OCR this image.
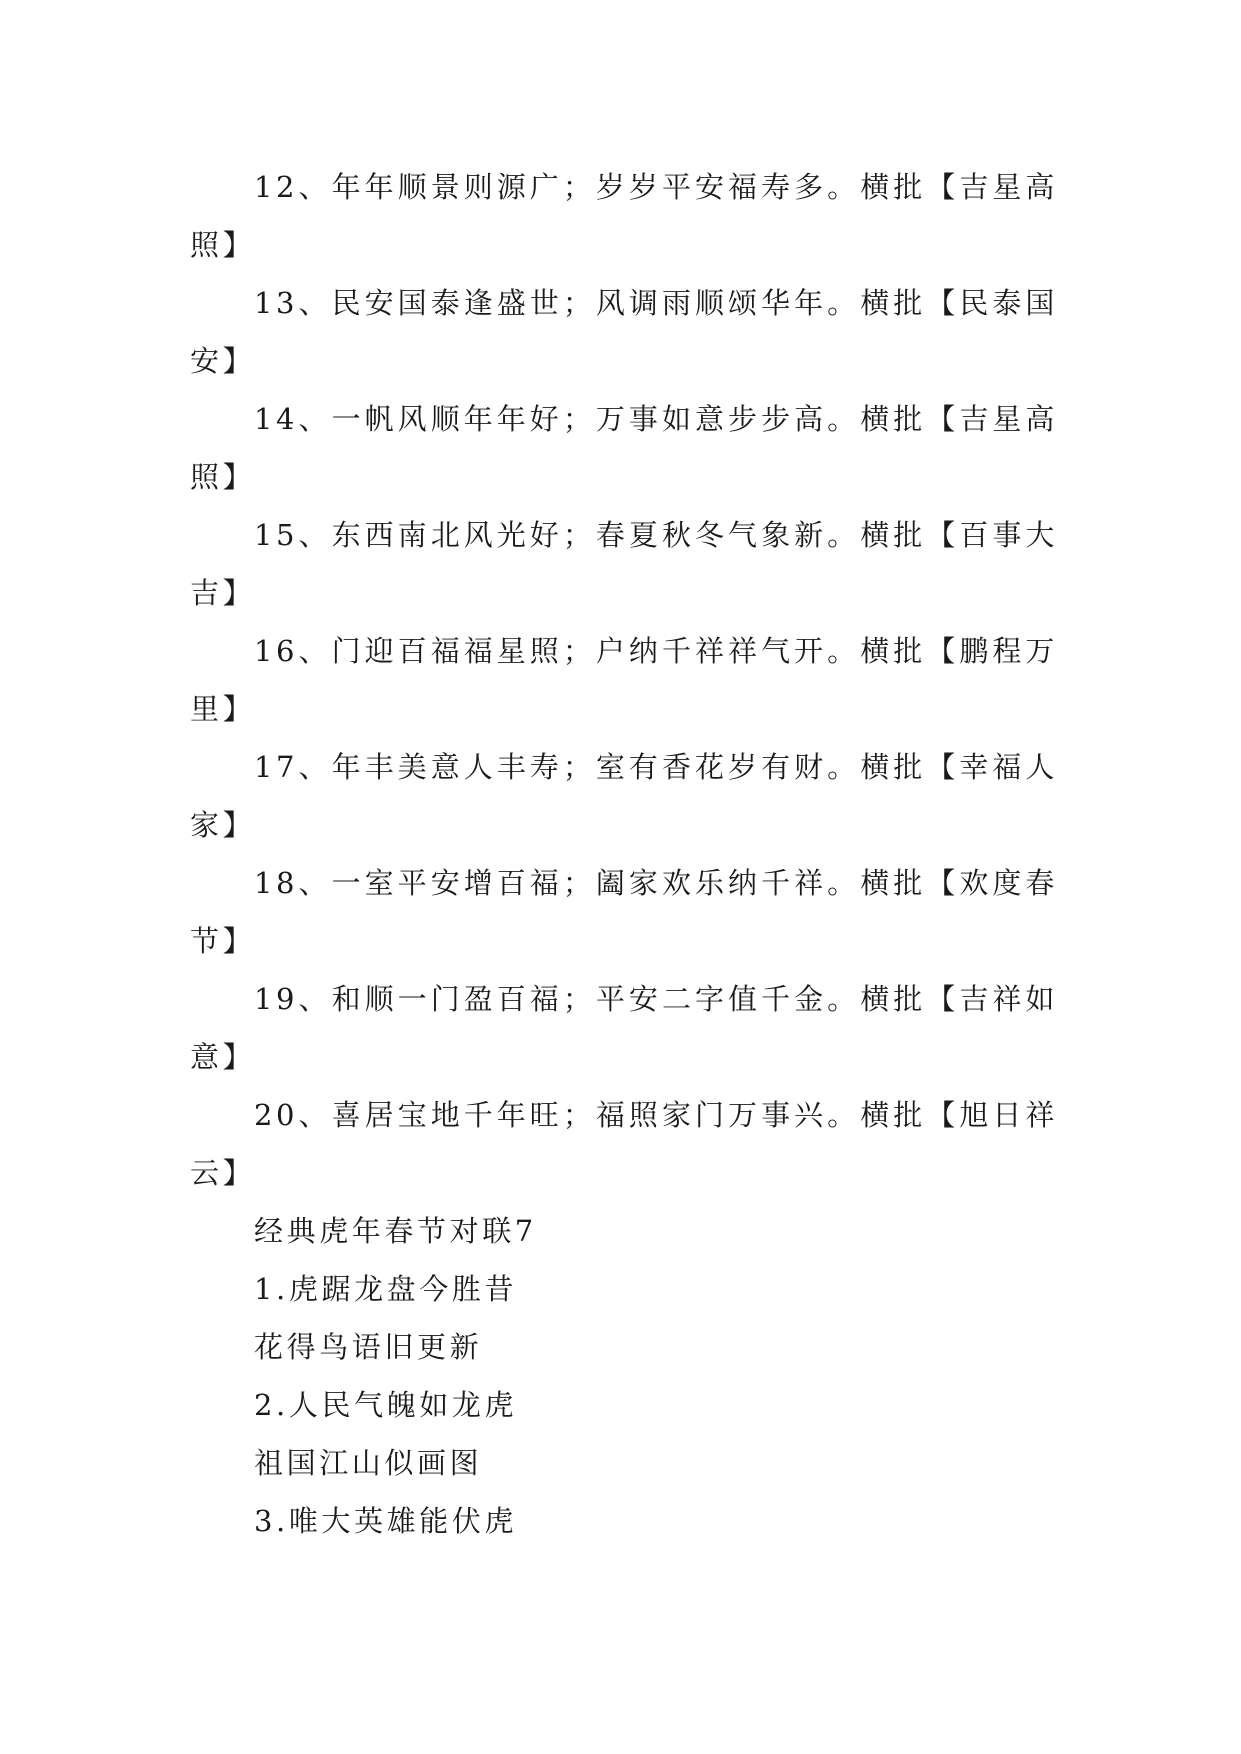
12、年年顺景则源广；岁岁平安福寿多。横批【吉星高照】

13、民安国泰逢盛世；风调雨顺颂华年。横批【民泰国安】

14、一帆风顺年年好；万事如意步步高。横批【吉星高照】

15、东西南北风光好；春夏秋冬气象新。横批【百事大吉】

16、门迎百福福星照；户纳千祥祥气开。横批【鹏程万里】

17、年丰美意人丰寿；室有香花岁有财。横批【幸福人家】

18、一室平安增百福；阖家欢乐纳千祥。横批【欢度春节】

19、和顺一门盈百福；平安二字值千金。横批【吉祥如意】

20、喜居宝地千年旺；福照家门万事兴。横批【旭日祥云】

经典虎年春节对联7

1.虎踞龙盘今胜昔

花得鸟语旧更新

2.人民气魄如龙虎

祖国江山似画图

3.唯大英雄能伏虎
